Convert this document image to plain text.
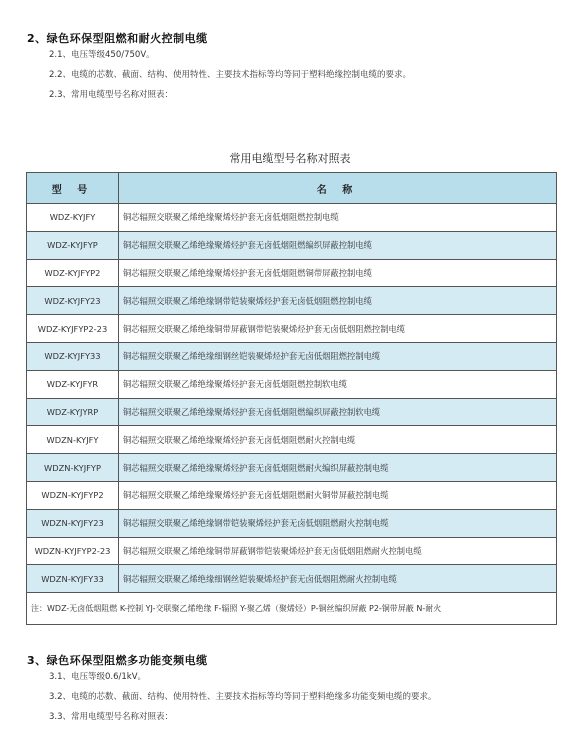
2、绿色环保型阻燃和耐火控制电缆
2.1、电压等级450/750V。
2.2、电缆的芯数、截面、结构、使用特性、主要技术指标等均等同于塑料绝缘控制电缆的要求。
2.3、常用电缆型号名称对照表：
常用电缆型号名称对照表
型 号	名 称
WDZ-KYJFY	铜芯辐照交联聚乙烯绝缘聚烯烃护套无卤低烟阻燃控制电缆
WDZ-KYJFYP	铜芯辐照交联聚乙烯绝缘聚烯烃护套无卤低烟阻燃编织屏蔽控制电缆
WDZ-KYJFYP2	铜芯辐照交联聚乙烯绝缘聚烯烃护套无卤低烟阻燃铜带屏蔽控制电缆
WDZ-KYJFY23	铜芯辐照交联聚乙烯绝缘钢带铠装聚烯烃护套无卤低烟阻燃控制电缆
WDZ-KYJFYP2-23	铜芯辐照交联聚乙烯绝缘铜带屏蔽钢带铠装聚烯烃护套无卤低烟阻燃控制电缆
WDZ-KYJFY33	铜芯辐照交联聚乙烯绝缘细钢丝铠装聚烯烃护套无卤低烟阻燃控制电缆
WDZ-KYJFYR	铜芯辐照交联聚乙烯绝缘聚烯烃护套无卤低烟阻燃控制软电缆
WDZ-KYJYRP	铜芯辐照交联聚乙烯绝缘聚烯烃护套无卤低烟阻燃编织屏蔽控制软电缆
WDZN-KYJFY	铜芯辐照交联聚乙烯绝缘聚烯烃护套无卤低烟阻燃耐火控制电缆
WDZN-KYJFYP	铜芯辐照交联聚乙烯绝缘聚烯烃护套无卤低烟阻燃耐火编织屏蔽控制电缆
WDZN-KYJFYP2	铜芯辐照交联聚乙烯绝缘聚烯烃护套无卤低烟阻燃耐火铜带屏蔽控制电缆
WDZN-KYJFY23	铜芯辐照交联聚乙烯绝缘钢带铠装聚烯烃护套无卤低烟阻燃耐火控制电缆
WDZN-KYJFYP2-23	铜芯辐照交联聚乙烯绝缘铜带屏蔽钢带铠装聚烯烃护套无卤低烟阻燃耐火控制电缆
WDZN-KYJFY33	铜芯辐照交联聚乙烯绝缘细钢丝铠装聚烯烃护套无卤低烟阻燃耐火控制电缆
注：WDZ-无卤低烟阻燃 K-控制 YJ-交联聚乙烯绝缘 F-辐照 Y-聚乙烯（聚烯烃）P-铜丝编织屏蔽 P2-铜带屏蔽 N-耐火	
3、绿色环保型阻燃多功能变频电缆
3.1、电压等级0.6/1kV。
3.2、电缆的芯数、截面、结构、使用特性、主要技术指标等均等同于塑料绝缘多功能变频电缆的要求。
3.3、常用电缆型号名称对照表：
